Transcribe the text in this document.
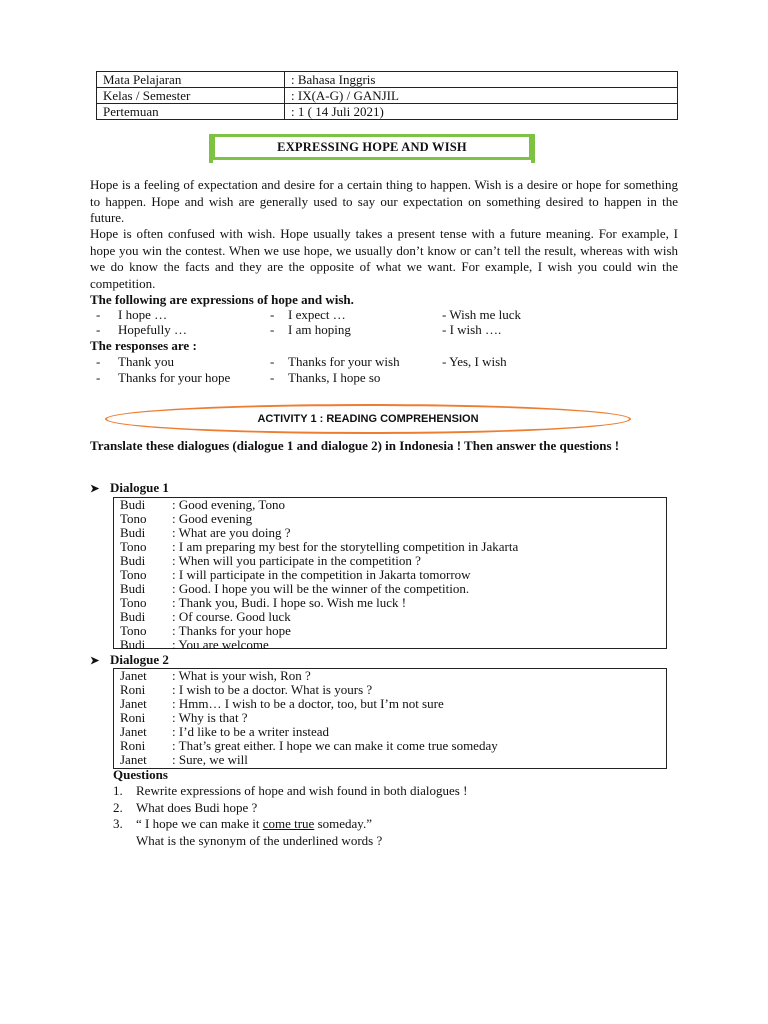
Mata Pelajaran	: Bahasa Inggris
Kelas / Semester	: IX(A-G) / GANJIL
Pertemuan	: 1 ( 14 Juli 2021)
EXPRESSING HOPE AND WISH
Hope is a feeling of expectation and desire for a certain thing to happen. Wish is a desire or hope for something to happen. Hope and wish are generally used to say our expectation on something desired to happen in the future.
Hope is often confused with wish. Hope usually takes a present tense with a future meaning. For example, I hope you win the contest. When we use hope, we usually don’t know or can’t tell the result, whereas with wish we do know the facts and they are the opposite of what we want. For example, I wish you could win the competition.
The following are expressions of hope and wish.
- I hope …	- I expect …	- Wish me luck
- Hopefully …	- I am hoping	- I wish ….
The responses are :
- Thank you	- Thanks for your wish	- Yes, I wish
- Thanks for your hope	- Thanks, I hope so
ACTIVITY 1 : READING COMPREHENSION
Translate these dialogues (dialogue 1 and dialogue 2) in Indonesia ! Then answer the questions !
➤ Dialogue 1
Budi : Good evening, Tono
Tono : Good evening
Budi : What are you doing ?
Tono : I am preparing my best for the storytelling competition in Jakarta
Budi : When will you participate in the competition ?
Tono : I will participate in the competition in Jakarta tomorrow
Budi : Good. I hope you will be the winner of the competition.
Tono : Thank you, Budi. I hope so. Wish me luck !
Budi : Of course. Good luck
Tono : Thanks for your hope
Budi : You are welcome
➤ Dialogue 2
Janet : What is your wish, Ron ?
Roni : I wish to be a doctor. What is yours ?
Janet : Hmm… I wish to be a doctor, too, but I’m not sure
Roni : Why is that ?
Janet : I’d like to be a writer instead
Roni : That’s great either. I hope we can make it come true someday
Janet : Sure, we will
Questions
1. Rewrite expressions of hope and wish found in both dialogues !
2. What does Budi hope ?
3. “ I hope we can make it come true someday.”
What is the synonym of the underlined words ?
